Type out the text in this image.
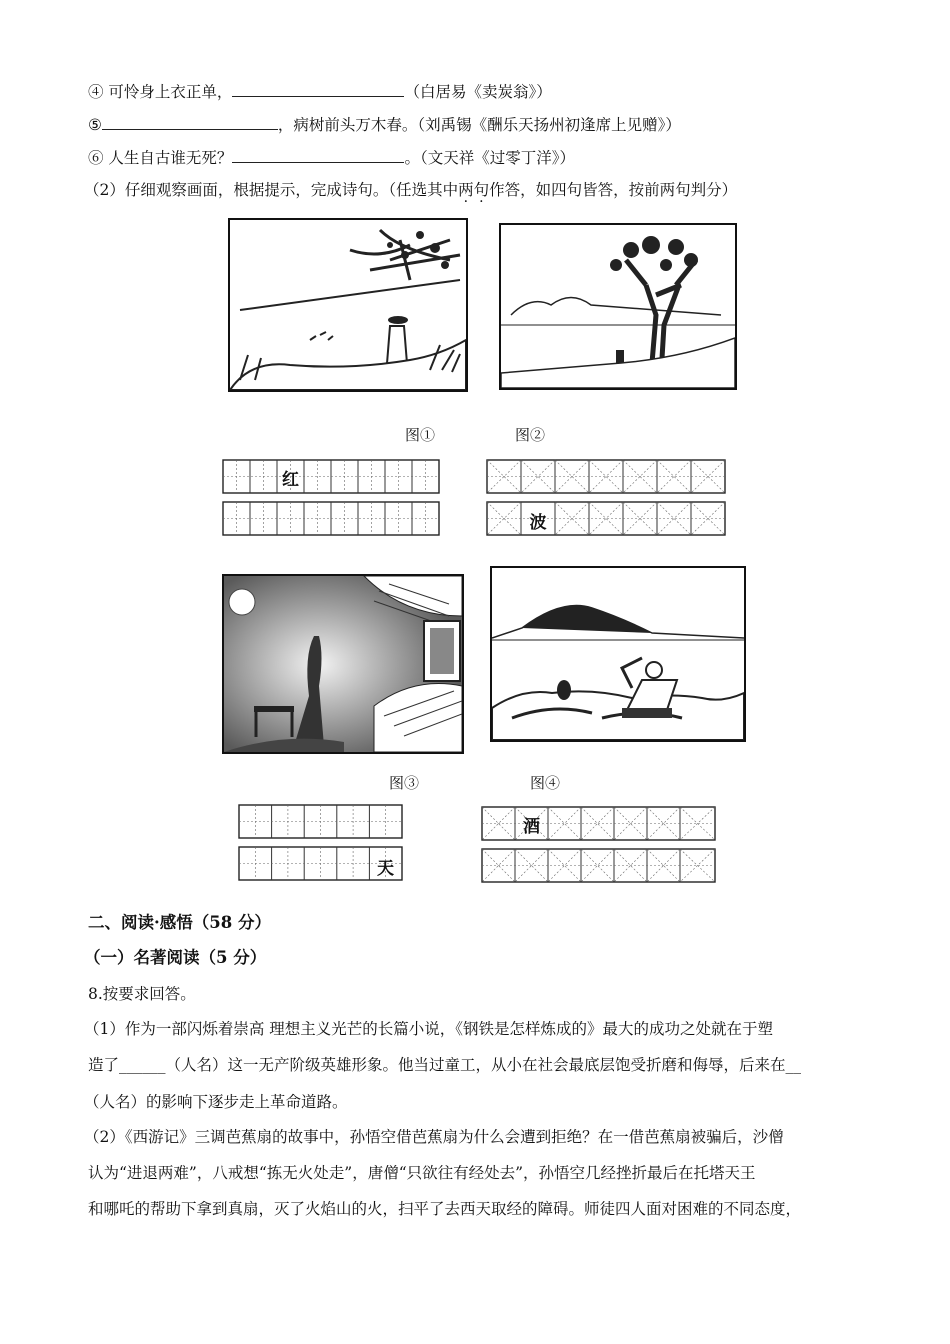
④ 可怜身上衣正单，	（白居易《卖炭翁》）
⑤	，病树前头万木春。（刘禹锡《酬乐天扬州初逢席上见赠》）
⑥ 人生自古谁无死？	。（文天祥《过零丁洋》）
（2）仔细观察画面，根据提示，完成诗句。（任选其中两句作答，如四句皆答，按前两句判分）
图①	图②
红
波
图③	图④
天
酒
二、阅读·感悟（58 分）
（一）名著阅读（5 分）
8.按要求回答。
（1）作为一部闪烁着崇高 理想主义光芒的长篇小说，《钢铁是怎样炼成的》最大的成功之处就在于塑
造了______（人名）这一无产阶级英雄形象。他当过童工，从小在社会最底层饱受折磨和侮辱，后来在__
（人名）的影响下逐步走上革命道路。
（2）《西游记》三调芭蕉扇的故事中，孙悟空借芭蕉扇为什么会遭到拒绝？在一借芭蕉扇被骗后，沙僧
认为“进退两难”，八戒想“拣无火处走”，唐僧“只欲往有经处去”，孙悟空几经挫折最后在托塔天王
和哪吒的帮助下拿到真扇，灭了火焰山的火，扫平了去西天取经的障碍。师徒四人面对困难的不同态度，
